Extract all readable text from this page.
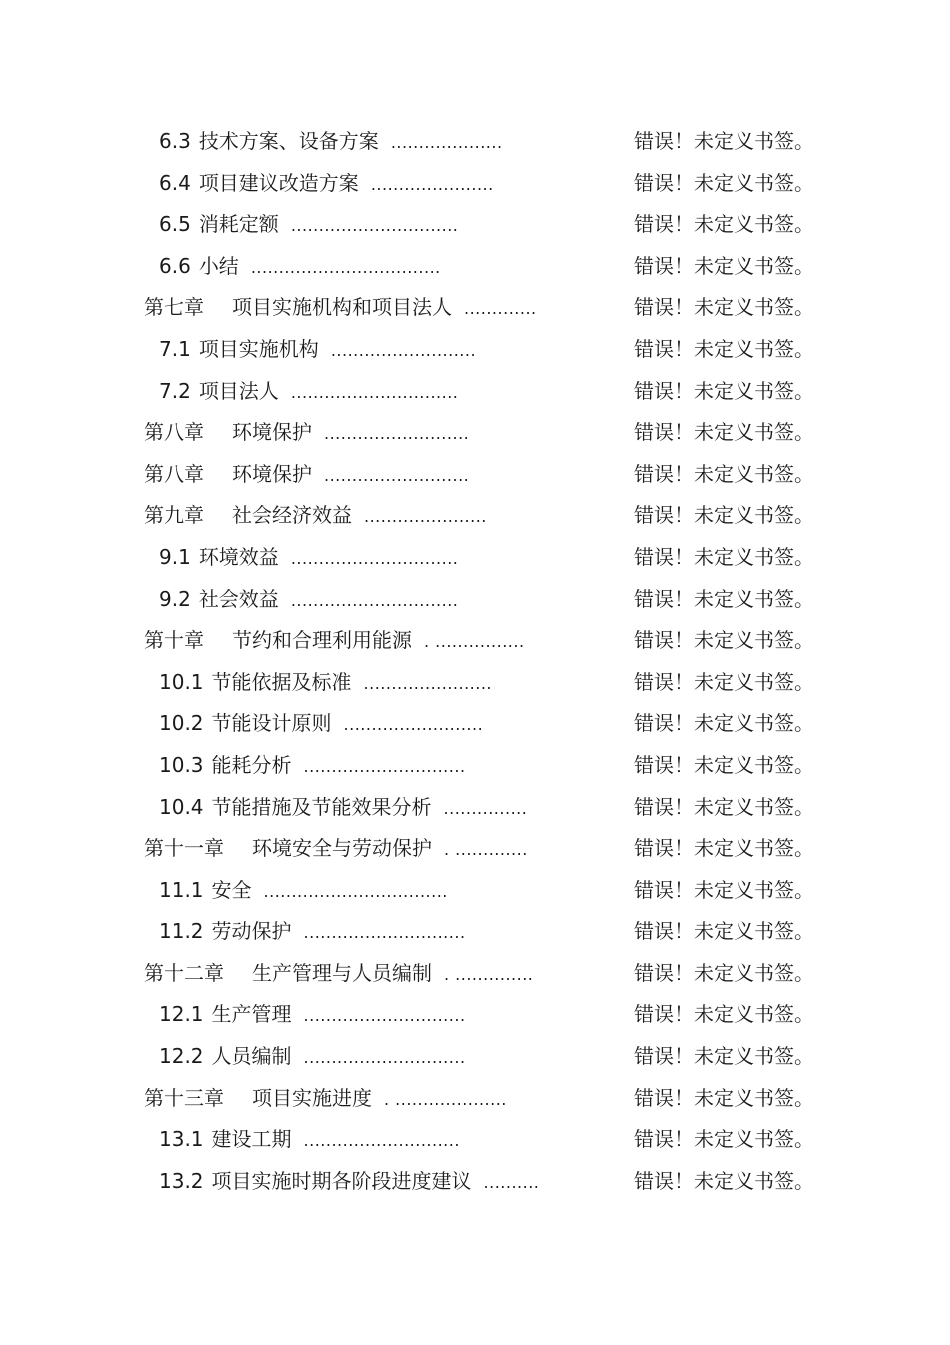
6.3 技术方案、设备方案 ....................	错误！未定义书签。
6.4 项目建议改造方案 ......................	错误！未定义书签。
6.5 消耗定额 ..............................	错误！未定义书签。
6.6 小结 ..................................	错误！未定义书签。
第七章 项目实施机构和项目法人 .............	错误！未定义书签。
7.1 项目实施机构 ..........................	错误！未定义书签。
7.2 项目法人 ..............................	错误！未定义书签。
第八章 环境保护 ..........................	错误！未定义书签。
第八章 环境保护 ..........................	错误！未定义书签。
第九章 社会经济效益 ......................	错误！未定义书签。
9.1 环境效益 ..............................	错误！未定义书签。
9.2 社会效益 ..............................	错误！未定义书签。
第十章 节约和合理利用能源 . ................	错误！未定义书签。
10.1 节能依据及标准 .......................	错误！未定义书签。
10.2 节能设计原则 .........................	错误！未定义书签。
10.3 能耗分析 .............................	错误！未定义书签。
10.4 节能措施及节能效果分析 ...............	错误！未定义书签。
第十一章 环境安全与劳动保护 . .............	错误！未定义书签。
11.1 安全 .................................	错误！未定义书签。
11.2 劳动保护 .............................	错误！未定义书签。
第十二章 生产管理与人员编制 . ..............	错误！未定义书签。
12.1 生产管理 .............................	错误！未定义书签。
12.2 人员编制 .............................	错误！未定义书签。
第十三章 项目实施进度 . ....................	错误！未定义书签。
13.1 建设工期 ............................	错误！未定义书签。
13.2 项目实施时期各阶段进度建议 ..........	错误！未定义书签。
